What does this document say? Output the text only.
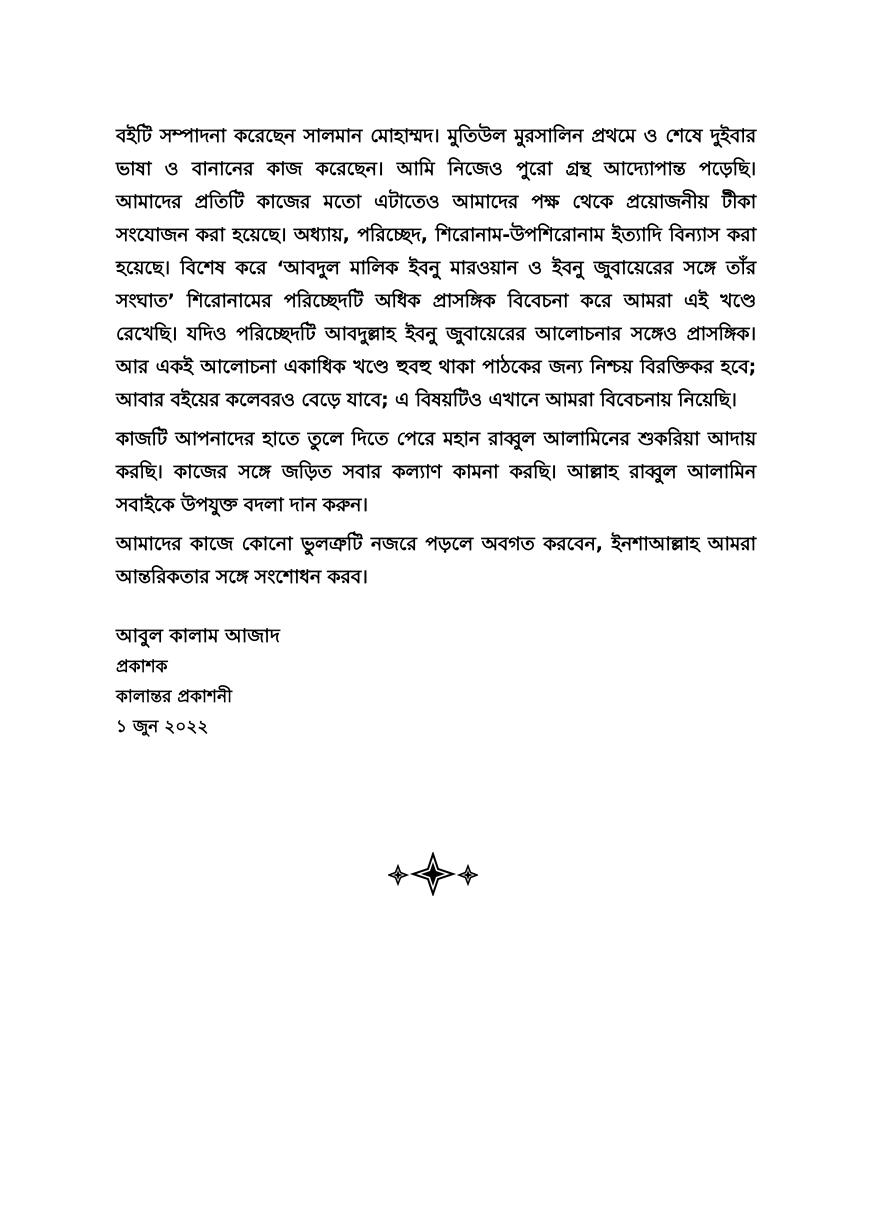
বইটি সম্পাদনা করেছেন সালমান মোহাম্মদ। মুতিউল মুরসালিন প্রথমে ও শেষে দুইবার ভাষা ও বানানের কাজ করেছেন। আমি নিজেও পুরো গ্রন্থ আদ্যোপান্ত পড়েছি। আমাদের প্রতিটি কাজের মতো এটাতেও আমাদের পক্ষ থেকে প্রয়োজনীয় টীকা সংযোজন করা হয়েছে। অধ্যায়, পরিচ্ছেদ, শিরোনাম-উপশিরোনাম ইত্যাদি বিন্যাস করা হয়েছে। বিশেষ করে ‘আবদুল মালিক ইবনু মারওয়ান ও ইবনু জুবায়েরের সঙ্গে তাঁর সংঘাত’ শিরোনামের পরিচ্ছেদটি অধিক প্রাসঙ্গিক বিবেচনা করে আমরা এই খণ্ডে রেখেছি। যদিও পরিচ্ছেদটি আবদুল্লাহ ইবনু জুবায়েরের আলোচনার সঙ্গেও প্রাসঙ্গিক। আর একই আলোচনা একাধিক খণ্ডে হুবহু থাকা পাঠকের জন্য নিশ্চয় বিরক্তিকর হবে; আবার বইয়ের কলেবরও বেড়ে যাবে; এ বিষয়টিও এখানে আমরা বিবেচনায় নিয়েছি।

কাজটি আপনাদের হাতে তুলে দিতে পেরে মহান রাব্বুল আলামিনের শুকরিয়া আদায় করছি। কাজের সঙ্গে জড়িত সবার কল্যাণ কামনা করছি। আল্লাহ রাব্বুল আলামিন সবাইকে উপযুক্ত বদলা দান করুন।

আমাদের কাজে কোনো ভুলত্রুটি নজরে পড়লে অবগত করবেন, ইনশাআল্লাহ আমরা আন্তরিকতার সঙ্গে সংশোধন করব।

আবুল কালাম আজাদ
প্রকাশক
কালান্তর প্রকাশনী
১ জুন ২০২২
